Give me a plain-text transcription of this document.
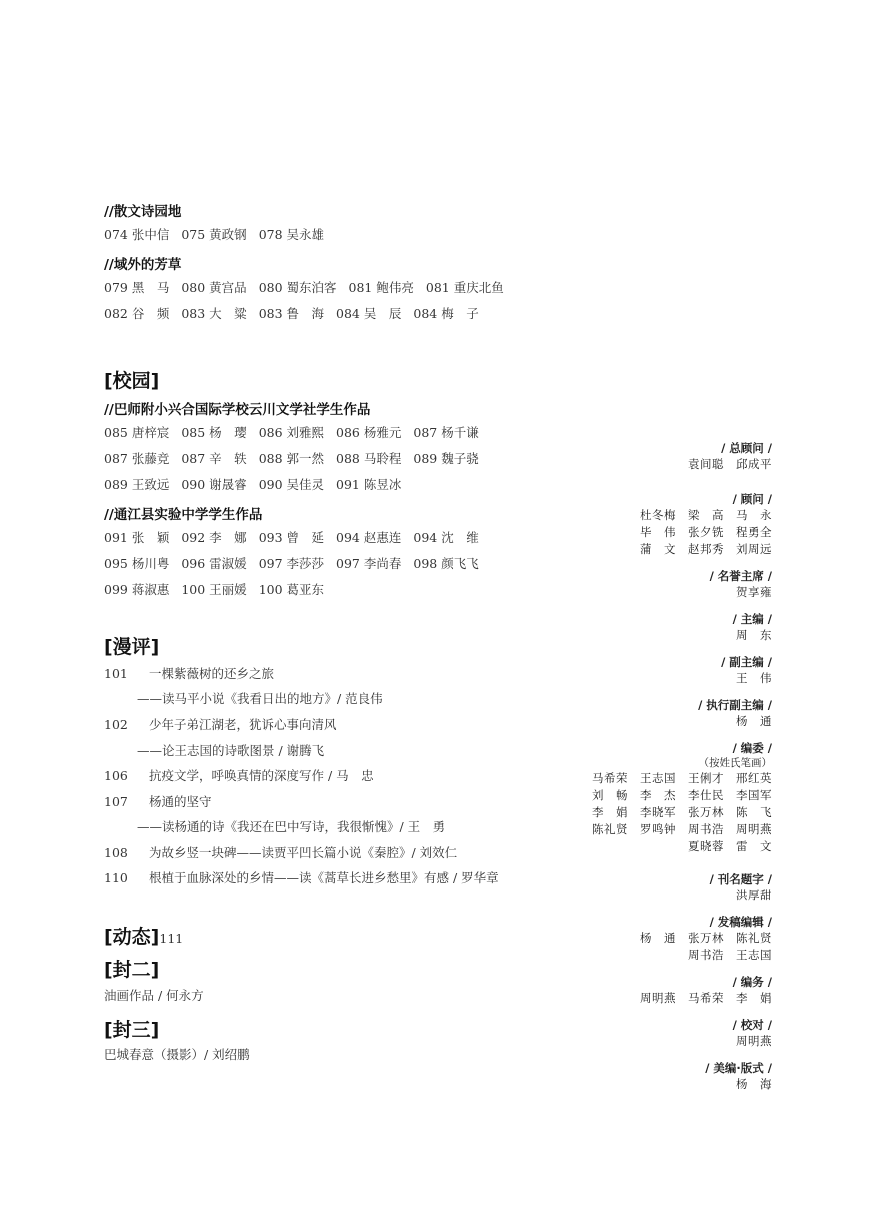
//散文诗园地
074 张中信 075 黄政钢 078 吴永雄
//域外的芳草
079 黑　马 080 黄宫品 080 蜀东泊客 081 鲍伟亮 081 重庆北鱼
082 谷　频 083 大　粱 083 鲁　海 084 吴　辰 084 梅　子
[校园]
//巴师附小兴合国际学校云川文学社学生作品
085 唐梓宸 085 杨　璎 086 刘雅熙 086 杨雅元 087 杨千谦
087 张藤竞 087 辛　轶 088 郭一然 088 马聆程 089 魏子骁
089 王致远 090 谢晟睿 090 吴佳灵 091 陈昱冰
//通江县实验中学学生作品
091 张　颖 092 李　娜 093 曾　延 094 赵惠连 094 沈　维
095 杨川粤 096 雷淑媛 097 李莎莎 097 李尚春 098 颜飞飞
099 蒋淑惠 100 王丽媛 100 葛亚东
[漫评]
101 一棵紫薇树的还乡之旅
——读马平小说《我看日出的地方》/ 范良伟
102 少年子弟江湖老，犹诉心事向清风
——论王志国的诗歌图景 / 谢腾飞
106 抗疫文学，呼唤真情的深度写作 / 马　忠
107 杨通的坚守
——读杨通的诗《我还在巴中写诗，我很惭愧》/ 王　勇
108 为故乡竖一块碑——读贾平凹长篇小说《秦腔》/ 刘效仁
110 根植于血脉深处的乡情——读《蒿草长进乡愁里》有感 / 罗华章
[动态]111
[封二]
油画作品 / 何永方
[封三]
巴城春意（摄影）/ 刘绍鹏
/ 总顾问 /
袁间聪　邱成平
/ 顾问 /
杜冬梅　梁　高　马　永
毕　伟　张夕铣　程勇全
蒲　文　赵邦秀　刘周远
/ 名誉主席 /
贺享雍
/ 主编 /
周　东
/ 副主编 /
王　伟
/ 执行副主编 /
杨　通
/ 编委 /
（按姓氏笔画）
马希荣　王志国　王俐才　邢红英
刘　畅　李　杰　李仕民　李国军
李　娟　李晓军　张万林　陈　飞
陈礼贤　罗鸣钟　周书浩　周明燕
夏晓蓉　雷　文
/ 刊名题字 /
洪厚甜
/ 发稿编辑 /
杨　通　张万林　陈礼贤
周书浩　王志国
/ 编务 /
周明燕　马希荣　李　娟
/ 校对 /
周明燕
/ 美编·版式 /
杨　海
